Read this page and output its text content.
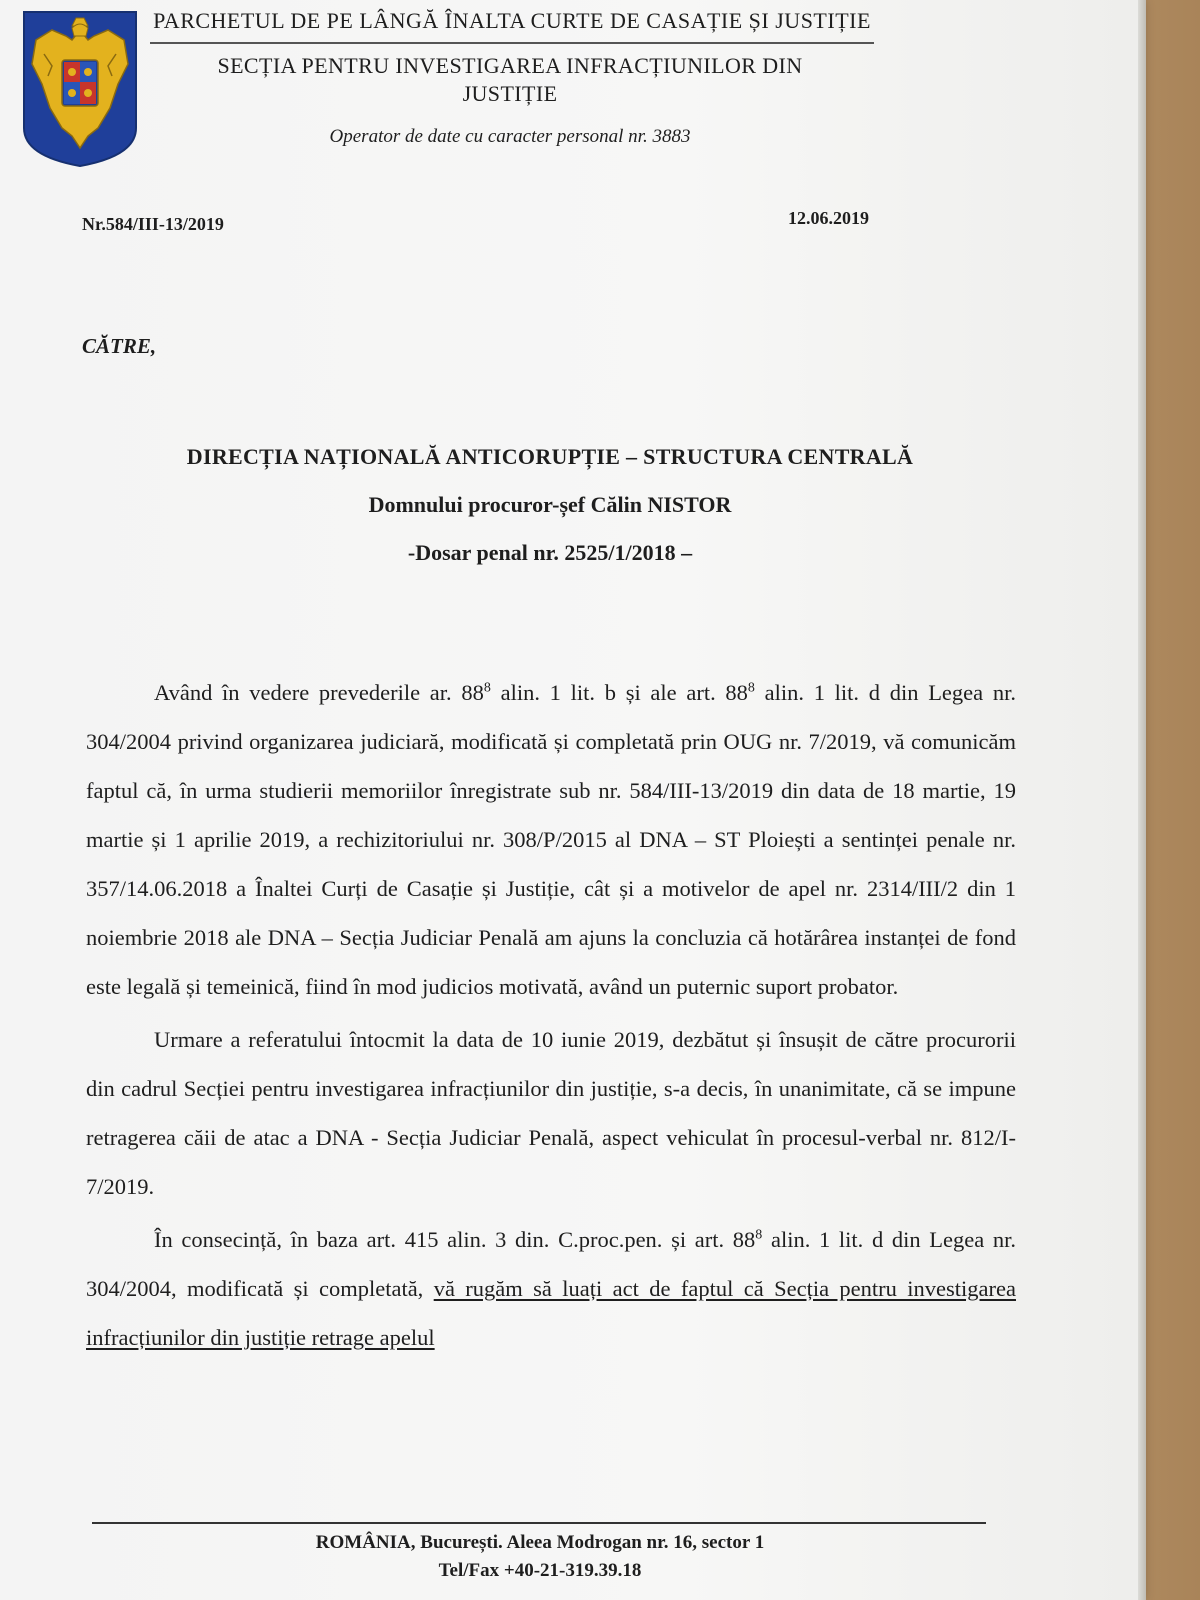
PARCHETUL DE PE LÂNGĂ ÎNALTA CURTE DE CASAȚIE ȘI JUSTIȚIE
SECȚIA PENTRU INVESTIGAREA INFRACȚIUNILOR DIN
JUSTIȚIE
Operator de date cu caracter personal nr. 3883
Nr.584/III-13/2019	12.06.2019
CĂTRE,
DIRECȚIA NAȚIONALĂ ANTICORUPȚIE – STRUCTURA CENTRALĂ
Domnului procuror-șef Călin NISTOR
-Dosar penal nr. 2525/1/2018 –

Având în vedere prevederile ar. $88^8$ alin. 1 lit. b și ale art. $88^8$ alin. 1 lit. d din Legea nr. 304/2004 privind organizarea judiciară, modificată și completată prin OUG nr. 7/2019, vă comunicăm faptul că, în urma studierii memoriilor înregistrate sub nr. 584/III-13/2019 din data de 18 martie, 19 martie și 1 aprilie 2019, a rechizitoriului nr. 308/P/2015 al DNA – ST Ploiești a sentinței penale nr. 357/14.06.2018 a Înaltei Curți de Casație și Justiție, cât și a motivelor de apel nr. 2314/III/2 din 1 noiembrie 2018 ale DNA – Secția Judiciar Penală am ajuns la concluzia că hotărârea instanței de fond este legală și temeinică, fiind în mod judicios motivată, având un puternic suport probator.

Urmare a referatului întocmit la data de 10 iunie 2019, dezbătut și însușit de către procurorii din cadrul Secției pentru investigarea infracțiunilor din justiție, s-a decis, în unanimitate, că se impune retragerea căii de atac a DNA - Secția Judiciar Penală, aspect vehiculat în procesul-verbal nr. 812/I-7/2019.

În consecință, în baza art. 415 alin. 3 din. C.proc.pen. și art. $88^8$ alin. 1 lit. d din Legea nr. 304/2004, modificată și completată, vă rugăm să luați act de faptul că Secția pentru investigarea infracțiunilor din justiție retrage apelul

ROMÂNIA, București. Aleea Modrogan nr. 16, sector 1
Tel/Fax +40-21-319.39.18
